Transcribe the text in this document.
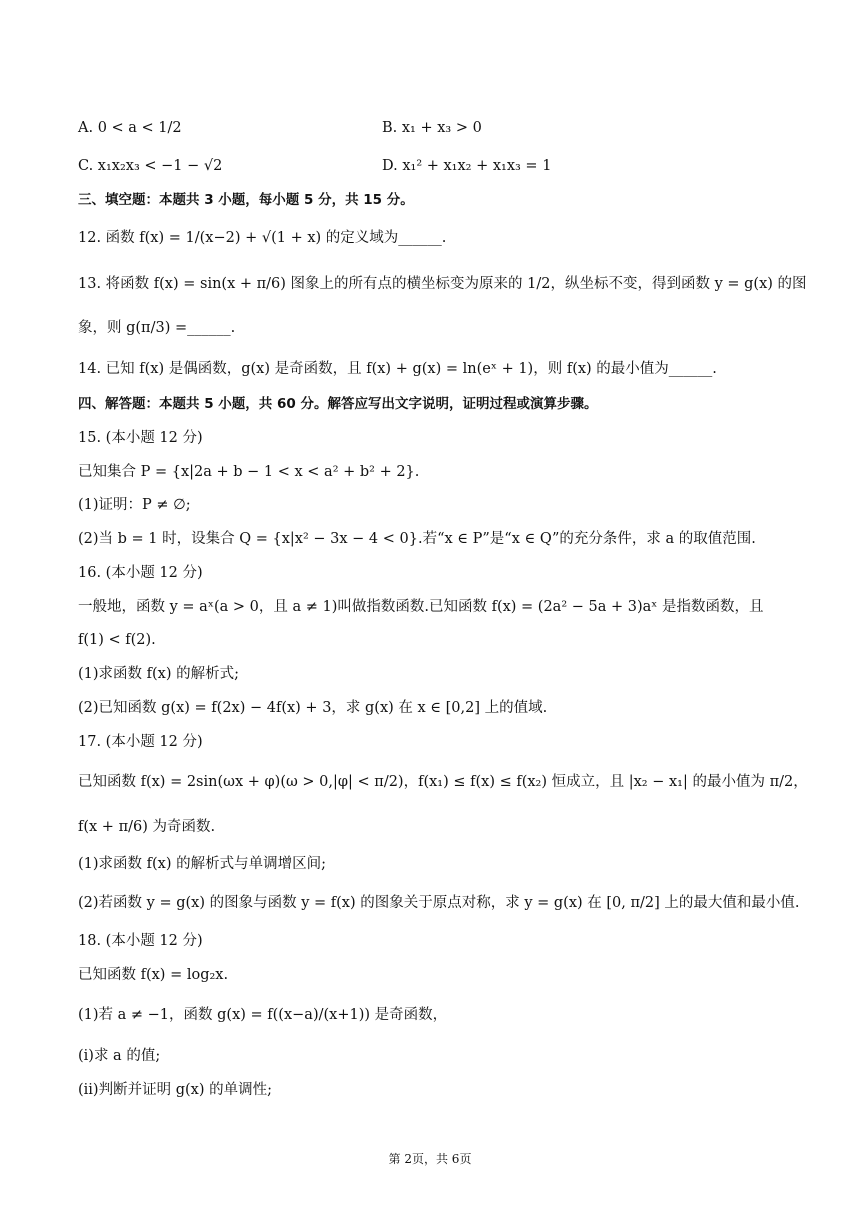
A. 0 < a < 1/2	B. x₁ + x₃ > 0
C. x₁x₂x₃ < −1 − √2	D. x₁² + x₁x₂ + x₁x₃ = 1
三、填空题：本题共 3 小题，每小题 5 分，共 15 分。
12. 函数 f(x) = 1/(x−2) + √(1 + x) 的定义域为______.
13. 将函数 f(x) = sin(x + π/6) 图象上的所有点的横坐标变为原来的 1/2，纵坐标不变，得到函数 y = g(x) 的图
象，则 g(π/3) =______.
14. 已知 f(x) 是偶函数，g(x) 是奇函数，且 f(x) + g(x) = ln(eˣ + 1)，则 f(x) 的最小值为______.
四、解答题：本题共 5 小题，共 60 分。解答应写出文字说明，证明过程或演算步骤。
15. (本小题 12 分)
已知集合 P = {x|2a + b − 1 < x < a² + b² + 2}.
(1)证明：P ≠ ∅;
(2)当 b = 1 时，设集合 Q = {x|x² − 3x − 4 < 0}.若“x ∈ P”是“x ∈ Q”的充分条件，求 a 的取值范围.
16. (本小题 12 分)
一般地，函数 y = aˣ(a > 0，且 a ≠ 1)叫做指数函数.已知函数 f(x) = (2a² − 5a + 3)aˣ 是指数函数，且
f(1) < f(2).
(1)求函数 f(x) 的解析式;
(2)已知函数 g(x) = f(2x) − 4f(x) + 3，求 g(x) 在 x ∈ [0,2] 上的值域.
17. (本小题 12 分)
已知函数 f(x) = 2sin(ωx + φ)(ω > 0,|φ| < π/2)，f(x₁) ≤ f(x) ≤ f(x₂) 恒成立，且 |x₂ − x₁| 的最小值为 π/2，
f(x + π/6) 为奇函数.
(1)求函数 f(x) 的解析式与单调增区间;
(2)若函数 y = g(x) 的图象与函数 y = f(x) 的图象关于原点对称，求 y = g(x) 在 [0, π/2] 上的最大值和最小值.
18. (本小题 12 分)
已知函数 f(x) = log₂x.
(1)若 a ≠ −1，函数 g(x) = f((x−a)/(x+1)) 是奇函数，
(ⅰ)求 a 的值;
(ⅱ)判断并证明 g(x) 的单调性;
第 2页，共 6页
